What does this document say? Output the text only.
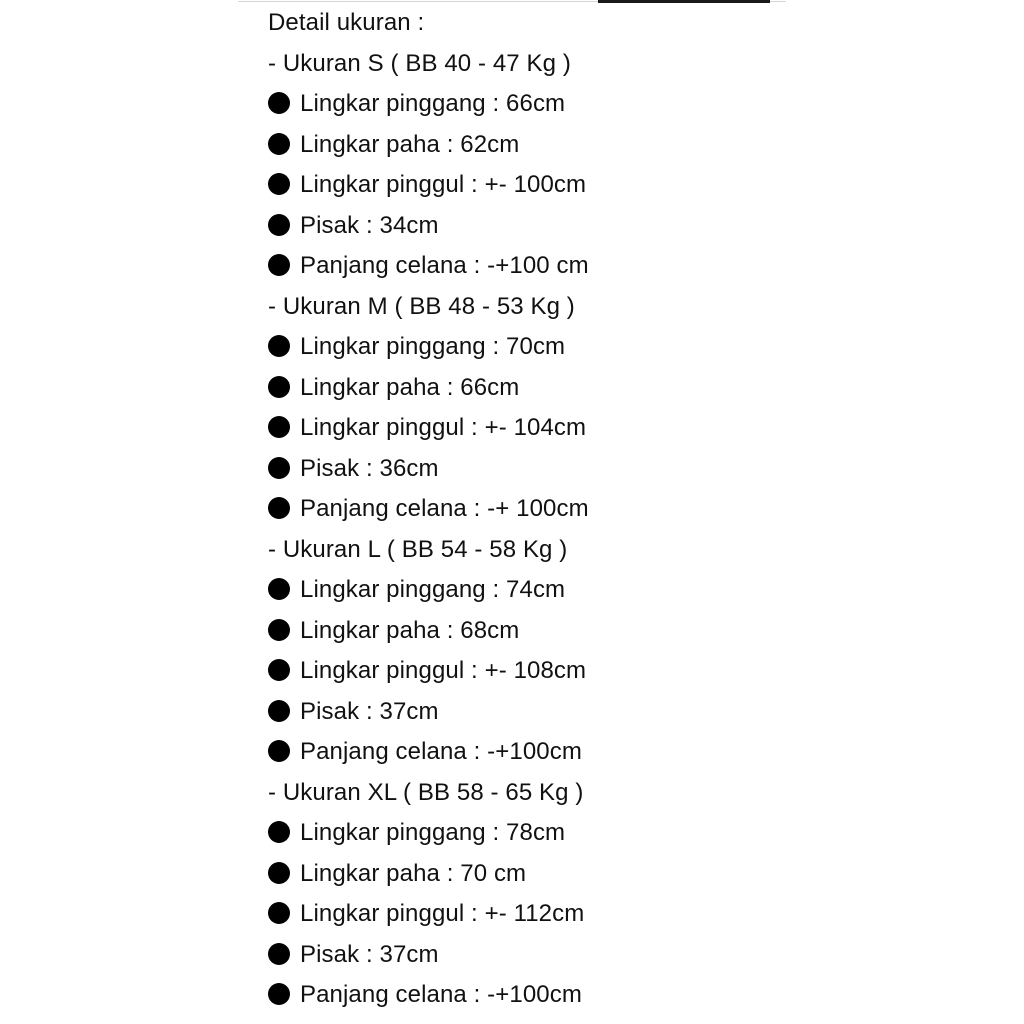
Detail ukuran :
- Ukuran S ( BB 40 - 47 Kg )
Lingkar pinggang : 66cm
Lingkar paha : 62cm
Lingkar pinggul : +- 100cm
Pisak : 34cm
Panjang celana : -+100 cm
- Ukuran M ( BB 48 - 53 Kg )
Lingkar pinggang : 70cm
Lingkar paha : 66cm
Lingkar pinggul : +- 104cm
Pisak : 36cm
Panjang celana : -+ 100cm
- Ukuran L ( BB 54 - 58 Kg )
Lingkar pinggang : 74cm
Lingkar paha : 68cm
Lingkar pinggul : +- 108cm
Pisak : 37cm
Panjang celana : -+100cm
- Ukuran XL ( BB 58 - 65 Kg )
Lingkar pinggang : 78cm
Lingkar paha : 70 cm
Lingkar pinggul : +- 112cm
Pisak : 37cm
Panjang celana : -+100cm
